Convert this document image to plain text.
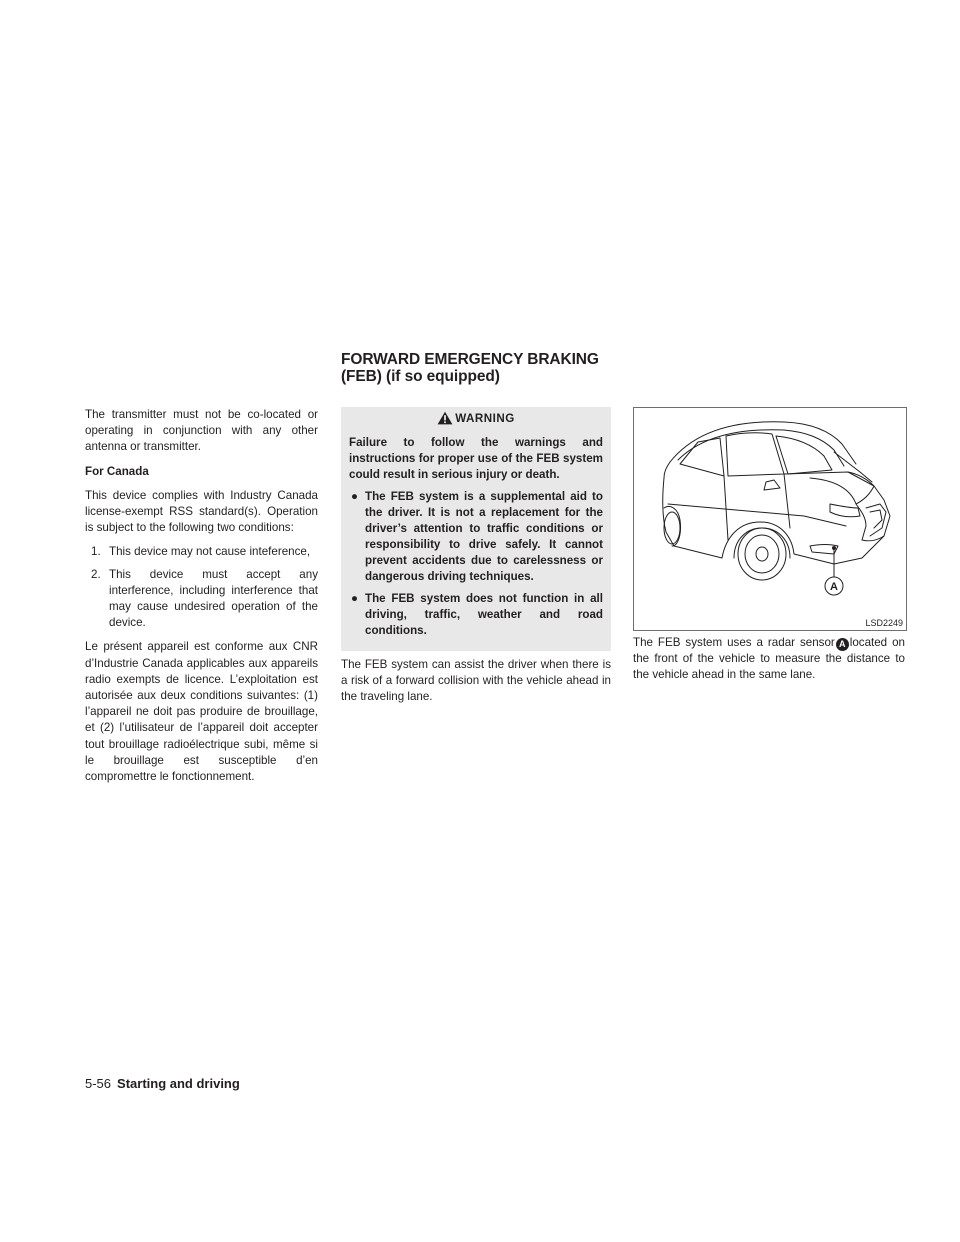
FORWARD EMERGENCY BRAKING
(FEB) (if so equipped)

The transmitter must not be co-located or operating in conjunction with any other antenna or transmitter.

For Canada

This device complies with Industry Canada license-exempt RSS standard(s). Operation is subject to the following two conditions:

1. This device may not cause inteference,
2. This device must accept any interference, including interference that may cause undesired operation of the device.

Le présent appareil est conforme aux CNR d’Industrie Canada applicables aux appareils radio exempts de licence. L’exploitation est autorisée aux deux conditions suivantes: (1) l’appareil ne doit pas produire de brouillage, et (2) l’utilisateur de l’appareil doit accepter tout brouillage radioélectrique subi, même si le brouillage est susceptible d’en compromettre le fonctionnement.

WARNING

Failure to follow the warnings and instructions for proper use of the FEB system could result in serious injury or death.

● The FEB system is a supplemental aid to the driver. It is not a replacement for the driver’s attention to traffic conditions or responsibility to drive safely. It cannot prevent accidents due to carelessness or dangerous driving techniques.
● The FEB system does not function in all driving, traffic, weather and road conditions.

The FEB system can assist the driver when there is a risk of a forward collision with the vehicle ahead in the traveling lane.

A
LSD2249

The FEB system uses a radar sensor A located on the front of the vehicle to measure the distance to the vehicle ahead in the same lane.

5-56 Starting and driving
